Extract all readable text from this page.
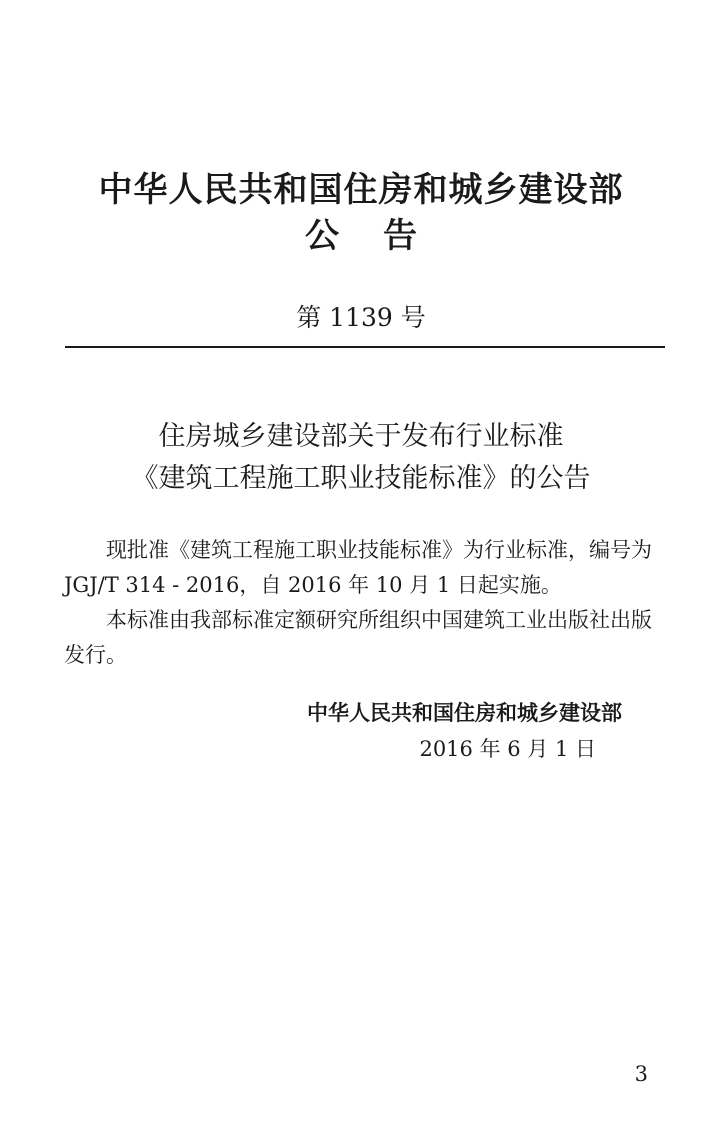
中华人民共和国住房和城乡建设部
公告
第 1139 号
住房城乡建设部关于发布行业标准
《建筑工程施工职业技能标准》的公告

现批准《建筑工程施工职业技能标准》为行业标准，编号为
JGJ/T 314 - 2016，自 2016 年 10 月 1 日起实施。

本标准由我部标准定额研究所组织中国建筑工业出版社出版
发行。

中华人民共和国住房和城乡建设部
2016 年 6 月 1 日
3
